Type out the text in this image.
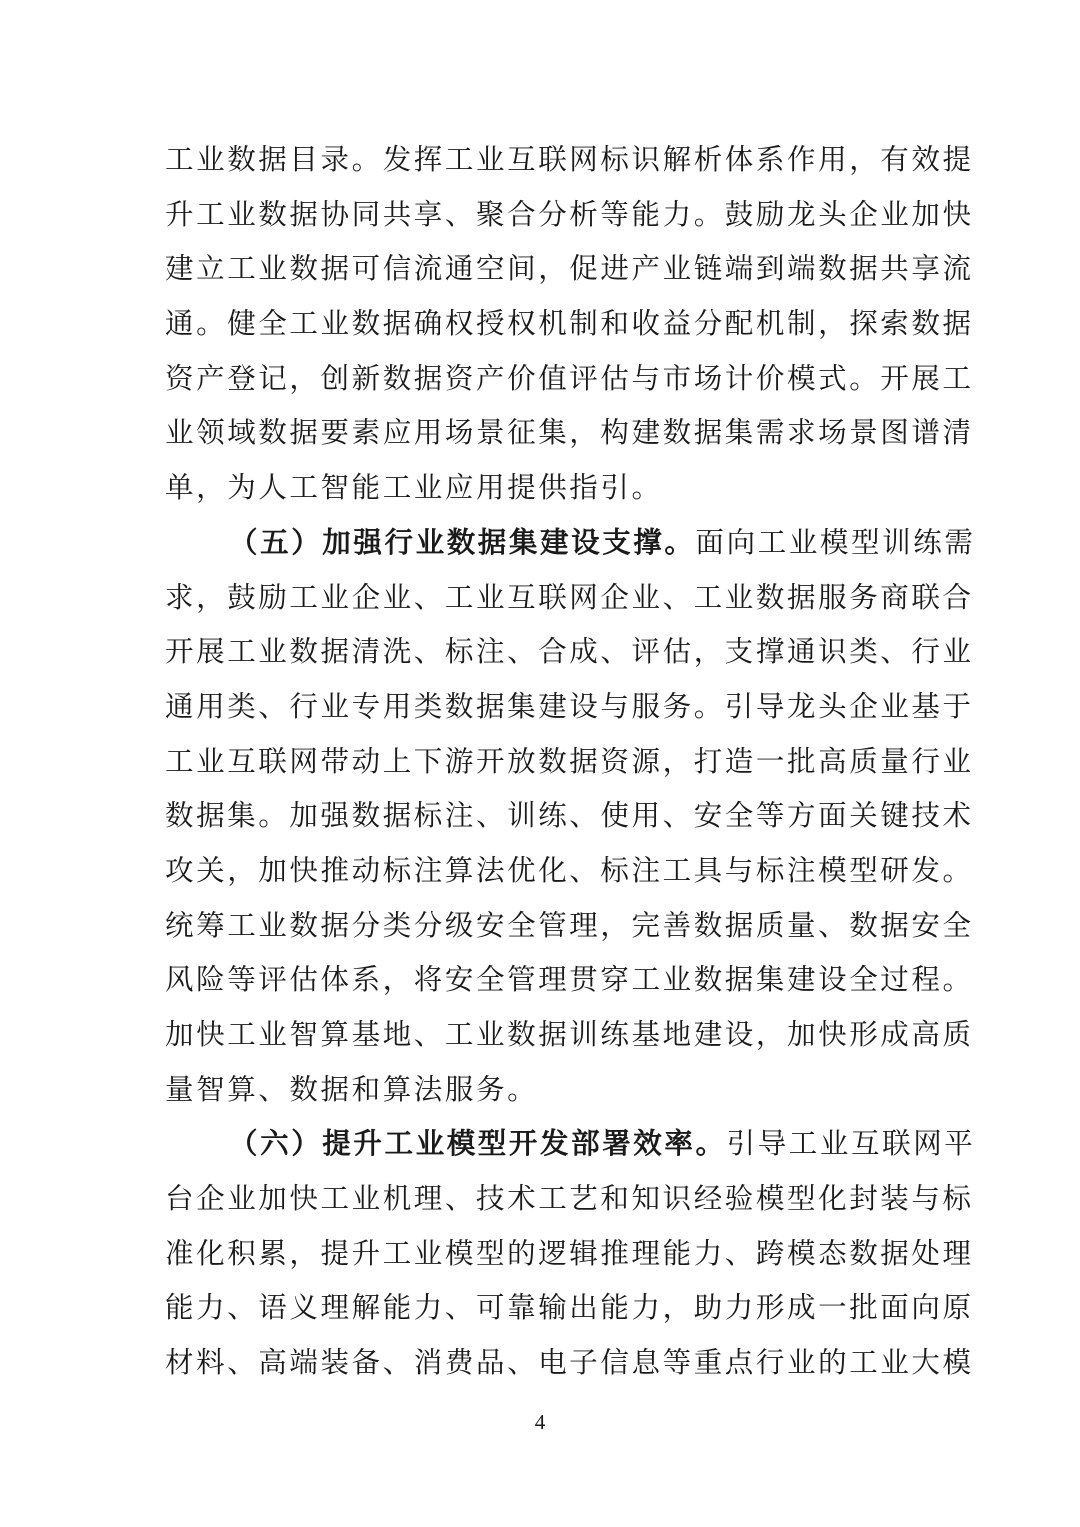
工业数据目录。发挥工业互联网标识解析体系作用，有效提
升工业数据协同共享、聚合分析等能力。鼓励龙头企业加快
建立工业数据可信流通空间，促进产业链端到端数据共享流
通。健全工业数据确权授权机制和收益分配机制，探索数据
资产登记，创新数据资产价值评估与市场计价模式。开展工
业领域数据要素应用场景征集，构建数据集需求场景图谱清
单，为人工智能工业应用提供指引。
（五）加强行业数据集建设支撑。面向工业模型训练需
求，鼓励工业企业、工业互联网企业、工业数据服务商联合
开展工业数据清洗、标注、合成、评估，支撑通识类、行业
通用类、行业专用类数据集建设与服务。引导龙头企业基于
工业互联网带动上下游开放数据资源，打造一批高质量行业
数据集。加强数据标注、训练、使用、安全等方面关键技术
攻关，加快推动标注算法优化、标注工具与标注模型研发。
统筹工业数据分类分级安全管理，完善数据质量、数据安全
风险等评估体系，将安全管理贯穿工业数据集建设全过程。
加快工业智算基地、工业数据训练基地建设，加快形成高质
量智算、数据和算法服务。
（六）提升工业模型开发部署效率。引导工业互联网平
台企业加快工业机理、技术工艺和知识经验模型化封装与标
准化积累，提升工业模型的逻辑推理能力、跨模态数据处理
能力、语义理解能力、可靠输出能力，助力形成一批面向原
材料、高端装备、消费品、电子信息等重点行业的工业大模
4
